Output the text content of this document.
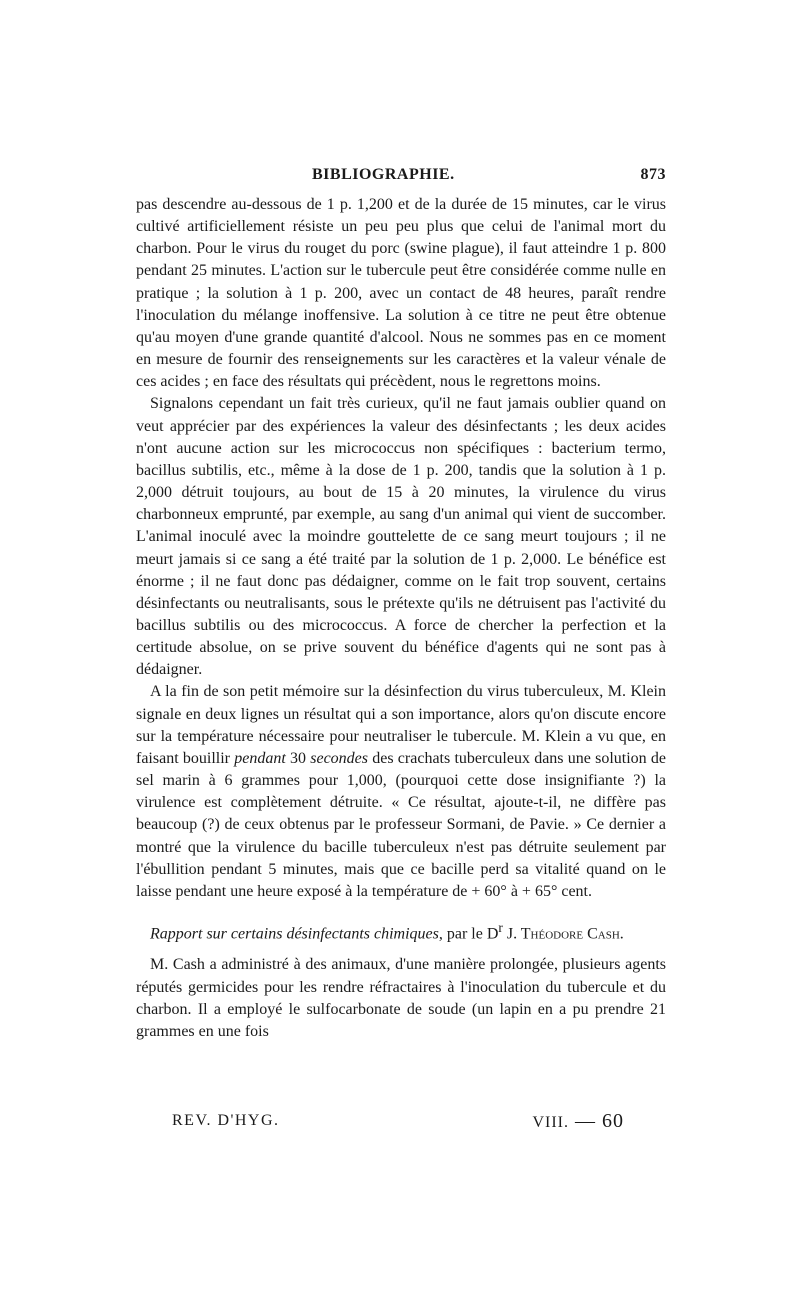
BIBLIOGRAPHIE.	873

pas descendre au-dessous de 1 p. 1,200 et de la durée de 15 minutes, car le virus cultivé artificiellement résiste un peu peu plus que celui de l'animal mort du charbon. Pour le virus du rouget du porc (swine plague), il faut atteindre 1 p. 800 pendant 25 minutes. L'action sur le tubercule peut être considérée comme nulle en pratique ; la solution à 1 p. 200, avec un contact de 48 heures, paraît rendre l'inoculation du mélange inoffensive. La solution à ce titre ne peut être obtenue qu'au moyen d'une grande quantité d'alcool. Nous ne sommes pas en ce moment en mesure de fournir des renseignements sur les caractères et la valeur vénale de ces acides ; en face des résultats qui précèdent, nous le regrettons moins.

Signalons cependant un fait très curieux, qu'il ne faut jamais oublier quand on veut apprécier par des expériences la valeur des désinfectants ; les deux acides n'ont aucune action sur les micrococcus non spécifiques : bacterium termo, bacillus subtilis, etc., même à la dose de 1 p. 200, tandis que la solution à 1 p. 2,000 détruit toujours, au bout de 15 à 20 minutes, la virulence du virus charbonneux emprunté, par exemple, au sang d'un animal qui vient de succomber. L'animal inoculé avec la moindre gouttelette de ce sang meurt toujours ; il ne meurt jamais si ce sang a été traité par la solution de 1 p. 2,000. Le bénéfice est énorme ; il ne faut donc pas dédaigner, comme on le fait trop souvent, certains désinfectants ou neutralisants, sous le prétexte qu'ils ne détruisent pas l'activité du bacillus subtilis ou des micrococcus. A force de chercher la perfection et la certitude absolue, on se prive souvent du bénéfice d'agents qui ne sont pas à dédaigner.

A la fin de son petit mémoire sur la désinfection du virus tuberculeux, M. Klein signale en deux lignes un résultat qui a son importance, alors qu'on discute encore sur la température nécessaire pour neutraliser le tubercule. M. Klein a vu que, en faisant bouillir pendant 30 secondes des crachats tuberculeux dans une solution de sel marin à 6 grammes pour 1,000, (pourquoi cette dose insignifiante ?) la virulence est complètement détruite. « Ce résultat, ajoute-t-il, ne diffère pas beaucoup (?) de ceux obtenus par le professeur Sormani, de Pavie. » Ce dernier a montré que la virulence du bacille tuberculeux n'est pas détruite seulement par l'ébullition pendant 5 minutes, mais que ce bacille perd sa vitalité quand on le laisse pendant une heure exposé à la température de + 60° à + 65° cent.

Rapport sur certains désinfectants chimiques, par le $D^r$ J. Théodore Cash.

M. Cash a administré à des animaux, d'une manière prolongée, plusieurs agents réputés germicides pour les rendre réfractaires à l'inoculation du tubercule et du charbon. Il a employé le sulfocarbonate de soude (un lapin en a pu prendre 21 grammes en une fois

REV. D'HYG.	VIII. — 60
